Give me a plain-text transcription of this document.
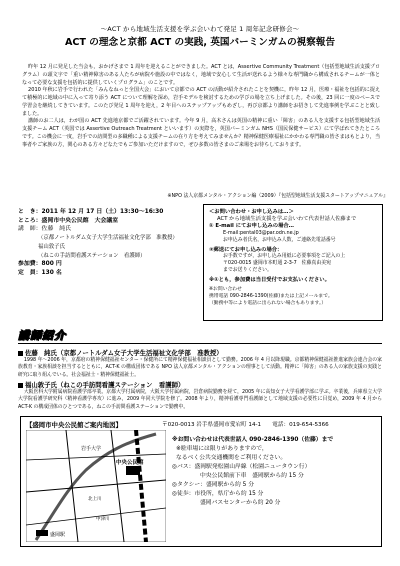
〜ACT から地域生活支援を学ぶ会いわて発足 1 周年記念研修会〜
ACT の理念と京都 ACT の実践, 英国バーミンガムの視察報告

昨年 12 月に発足した当会も，おかげさまで 1 周年を迎えることができました。ACT とは，Assertive Community Treatment（包括型地域生活支援プログラム）の頭文字で「重い精神障害のある人たちが病院や施設の中ではなく，地域で安心して生活が送れるよう様々な専門職から構成されるチームが一体となって必要な支援を包括的に提供していくプログラム」のことです。

2010 年秋に岩手で行われた「みんなねっと全国大会」において京都での ACT の活動が紹介されたことを契機に，昨年 12 月，医療・福祉を包括的に捉えて積極的に地域の中に入って寄り添う ACT について理解を深め，岩手モデルを検討するための学びの場を立ち上げました。その後，23 回に一度のペースで学習会を継続してきています。このたび発足 1 周年を迎え，2 年目へのステップアップもめざし，再び京都より講師をお招きして先進事例を学ぶことと致しました。

講師のお二人は，わが国の ACT 先進地京都でご活躍されています。今年 9 月，高木さんは英国の精神に重い「障害」のある人を支援する包括型地域生活支援チーム ACT（英国では Assertive Outreach Treatment といいます）の実際を，英国バーミンガム NHS（国民保健サービス）にて学ばれてきたところです。この機会に一度，岩手での訪問型の多職種による支援チームの在り方を考えてみませんか？精神保健医療福祉にかかわる専門職の皆さまはもとより，当事者やご家族の方，関心のある方々どなたでもご参加いただけますので，ぜひ多数の皆さまのご来場をお待ちしております。

※NPO 法人京都メンタル・アクション編（2009）『包括型地域生活支援スタートアップマニュアル』
と　き：2011 年 12 月 17 日（土）13:30〜16:30
ところ：盛岡市中央公民館　大会議室
講　師：佐藤　純氏
（京都ノートルダム女子大学生活福祉文化学部　准教授）
福山敦子氏
（ねこの手訪問看護ステーション　看護師）
参加費：800 円
定　員：130 名
＜お問い合わせ・お申し込みは…＞
ACT から地域生活支援を学ぶ会いわて代表世話人佐藤まで
① E-mail にてお申し込みの場合…
E-mail:pental03@par.odn.ne.jp
お申込み者氏名，お申込み人数，ご連絡先電話番号
②郵送にてお申し込みの場合：
お手数ですが，お申し込み用紙に必要事項をご記入の上
〒020-0015 盛岡市本町通 2-3-7　佐藤真由美宛
までお送りください。
※①とも，参加費は当日受付でお支払いください。
※お問い合わせ
携帯電話 090-2846-1390(佐藤)または上記メールまで。
（勤務中等により電話に出られない場合もあります。）
講師紹介
佐藤　純氏（京都ノートルダム女子大学生活福祉文化学部　准教授）

1998 年〜2006 年，京都府の精神保健福祉センター・保健所にて精神保健福祉相談員として勤務。2006 年 4 月以降現職。京都精神保健福祉推進家族会連合会の家族教育・家族相談を担当するとともに，ACT-K の構成団体である NPO 法人京都メンタル・アクションの理事として活動。精神に「障害」のある人の家族支援の実践と研究に取り組んでいる。社会福祉士・精神保健福祉士。

福山敦子氏（ねこの手訪問看護ステーション　看護師）

大阪医科大学附属病院看護学部卒業。京都大学付属病院，大阪大学付属病院，岩倉病院勤務を経て，2005 年に高知女子大学看護学部に学ぶ。卒業後，兵庫県立大学大学院看護学研究科（精神看護学専攻）に進み，2009 年同大学院を修了。2008 年より，精神看護専門看護師として地域支援の必要性に目覚め，2009 年 4 月から ACT-K の構成団体のひとつである，ねこの手訪問看護ステーションで勤務中。

【盛岡市中央公民館ご案内地図】	〒020-0013 岩手県盛岡市愛宕町 14-1　　電話：019-654-5366
中央公民館
岩手大学
盛岡駅
北上川
中津川
※お問い合わせは代表世話人 090-2846-1390（佐藤）まで
※駐車場には限りがありますので，
なるべく公共交通機関をご利用ください。
◎バス：盛岡駅発松園山岸線（松園ニュータウン行）
中央公民館前下車　盛岡駅から約 15 分
◎タクシー：盛岡駅から約 5 分
◎徒歩：市役所，県庁から約 15 分
盛岡バスセンターから約 20 分
